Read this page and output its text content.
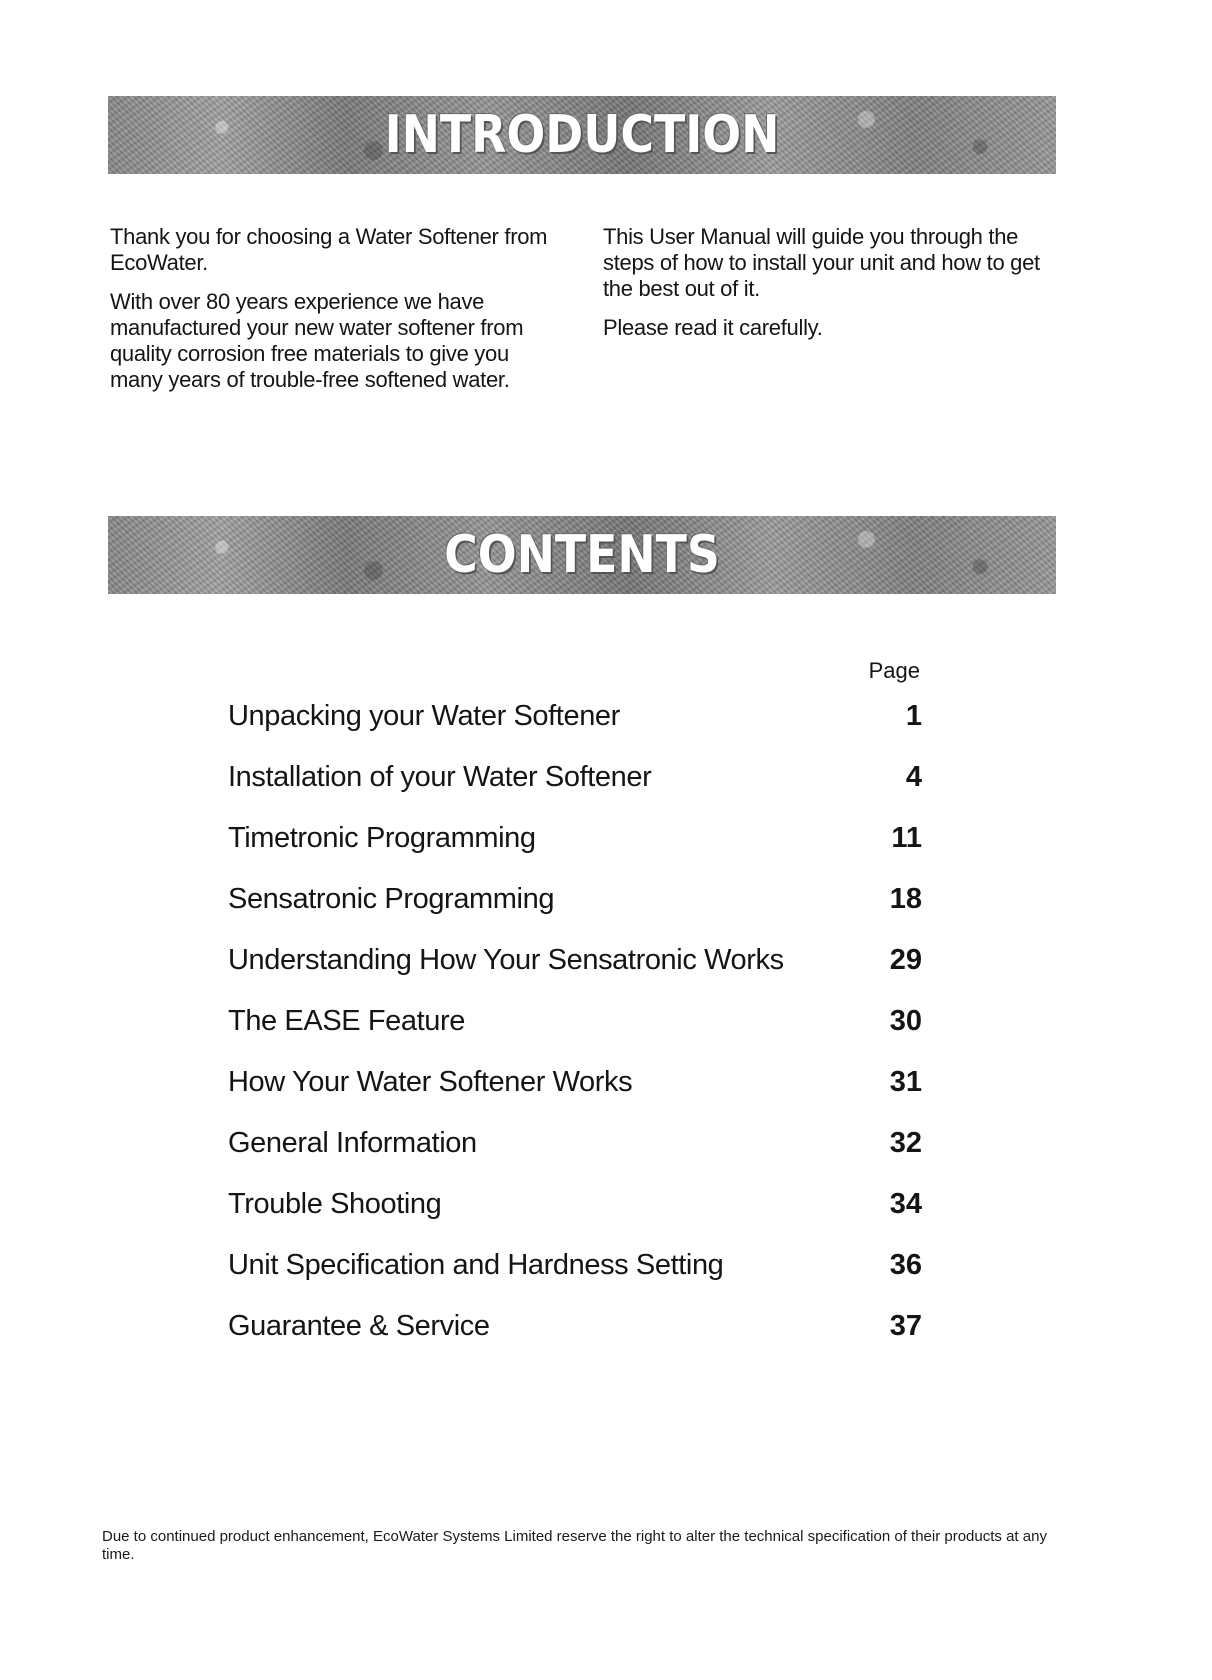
INTRODUCTION

Thank you for choosing a Water Softener from EcoWater.

With over 80 years experience we have manufactured your new water softener from quality corrosion free materials to give you many years of trouble-free softened water.

This User Manual will guide you through the steps of how to install your unit and how to get the best out of it.

Please read it carefully.

CONTENTS
Page
Unpacking your Water Softener	1
Installation of your Water Softener	4
Timetronic Programming	11
Sensatronic Programming	18
Understanding How Your Sensatronic Works	29
The EASE Feature	30
How Your Water Softener Works	31
General Information	32
Trouble Shooting	34
Unit Specification and Hardness Setting	36
Guarantee & Service	37
Due to continued product enhancement, EcoWater Systems Limited reserve the right to alter the technical specification of their products at any time.
